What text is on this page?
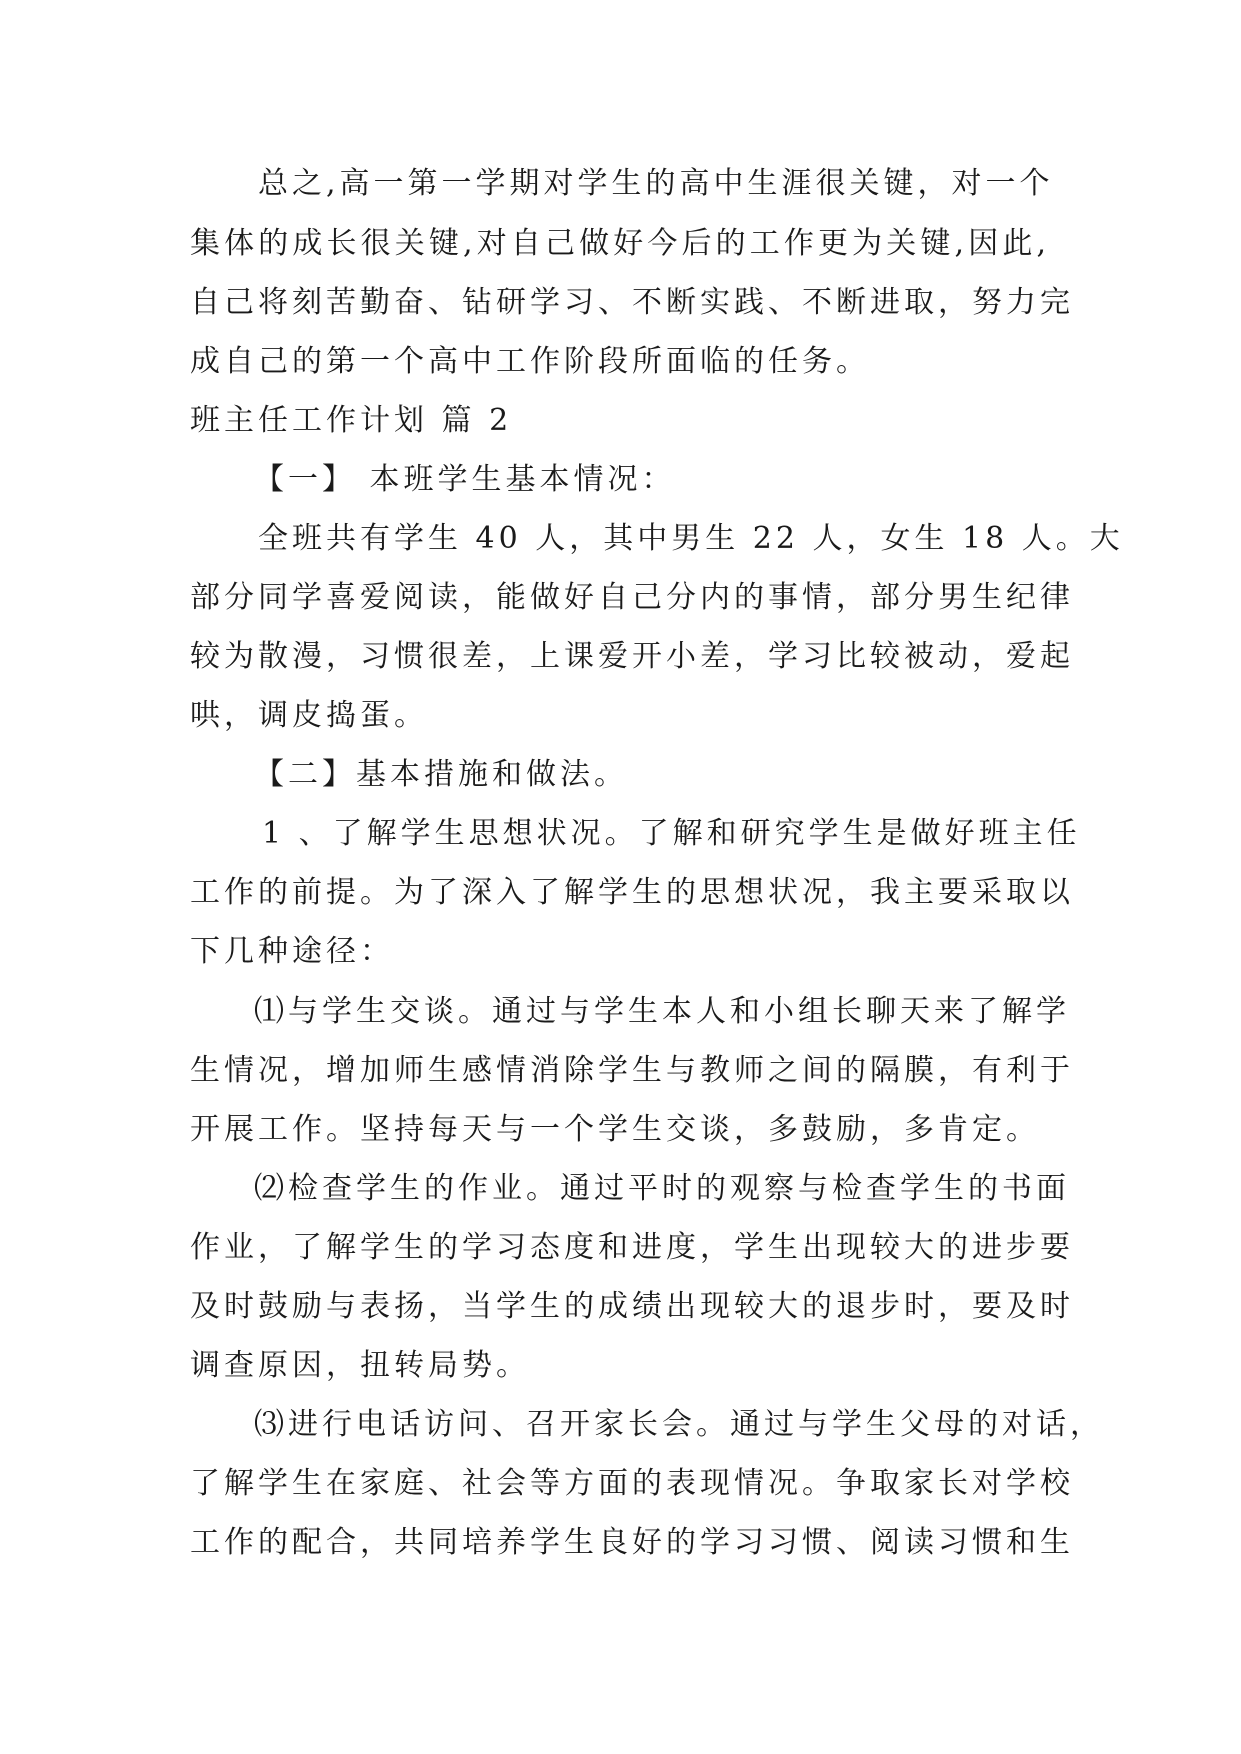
总之,高一第一学期对学生的高中生涯很关键，对一个
集体的成长很关键,对自己做好今后的工作更为关键,因此,
自己将刻苦勤奋、钻研学习、不断实践、不断进取，努力完
成自己的第一个高中工作阶段所面临的任务。
班主任工作计划 篇 2
【一】 本班学生基本情况：
全班共有学生 40 人，其中男生 22 人，女生 18 人。大
部分同学喜爱阅读，能做好自己分内的事情，部分男生纪律
较为散漫，习惯很差，上课爱开小差，学习比较被动，爱起
哄，调皮捣蛋。
【二】基本措施和做法。
1 、了解学生思想状况。了解和研究学生是做好班主任
工作的前提。为了深入了解学生的思想状况，我主要采取以
下几种途径：
⑴与学生交谈。通过与学生本人和小组长聊天来了解学
生情况，增加师生感情消除学生与教师之间的隔膜，有利于
开展工作。坚持每天与一个学生交谈，多鼓励，多肯定。
⑵检查学生的作业。通过平时的观察与检查学生的书面
作业，了解学生的学习态度和进度，学生出现较大的进步要
及时鼓励与表扬，当学生的成绩出现较大的退步时，要及时
调查原因，扭转局势。
⑶进行电话访问、召开家长会。通过与学生父母的对话，
了解学生在家庭、社会等方面的表现情况。争取家长对学校
工作的配合，共同培养学生良好的学习习惯、阅读习惯和生
